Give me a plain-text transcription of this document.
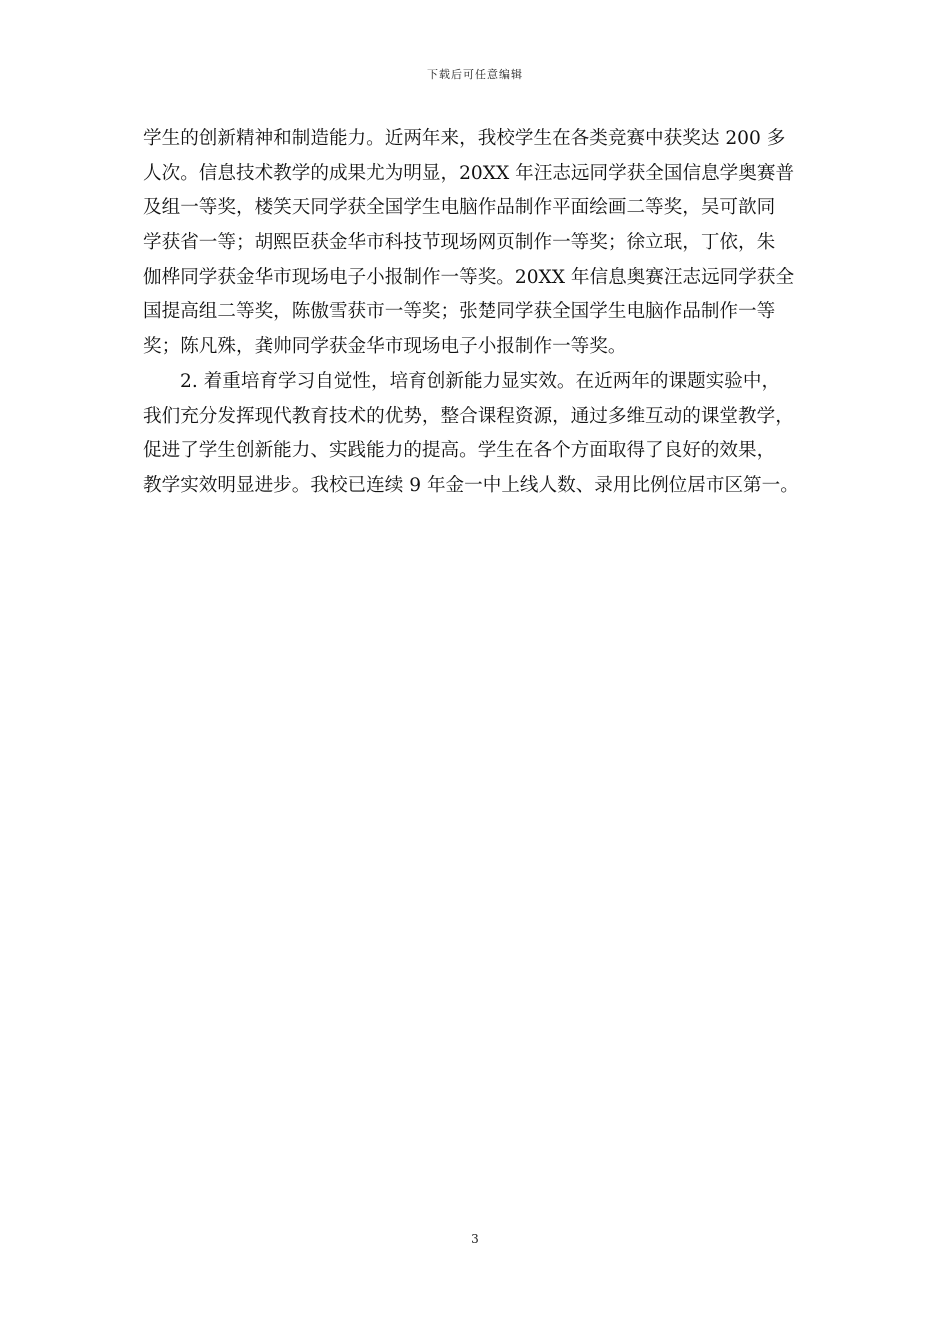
下载后可任意编辑
学生的创新精神和制造能力。近两年来，我校学生在各类竞赛中获奖达 200 多
人次。信息技术教学的成果尤为明显，20XX 年汪志远同学获全国信息学奥赛普
及组一等奖，楼笑天同学获全国学生电脑作品制作平面绘画二等奖，吴可歆同
学获省一等；胡熙臣获金华市科技节现场网页制作一等奖；徐立珉，丁依，朱
伽桦同学获金华市现场电子小报制作一等奖。20XX 年信息奥赛汪志远同学获全
国提高组二等奖，陈傲雪获市一等奖；张楚同学获全国学生电脑作品制作一等
奖；陈凡殊，龚帅同学获金华市现场电子小报制作一等奖。
2. 着重培育学习自觉性，培育创新能力显实效。在近两年的课题实验中，
我们充分发挥现代教育技术的优势，整合课程资源，通过多维互动的课堂教学，
促进了学生创新能力、实践能力的提高。学生在各个方面取得了良好的效果，
教学实效明显进步。我校已连续 9 年金一中上线人数、录用比例位居市区第一。
3
